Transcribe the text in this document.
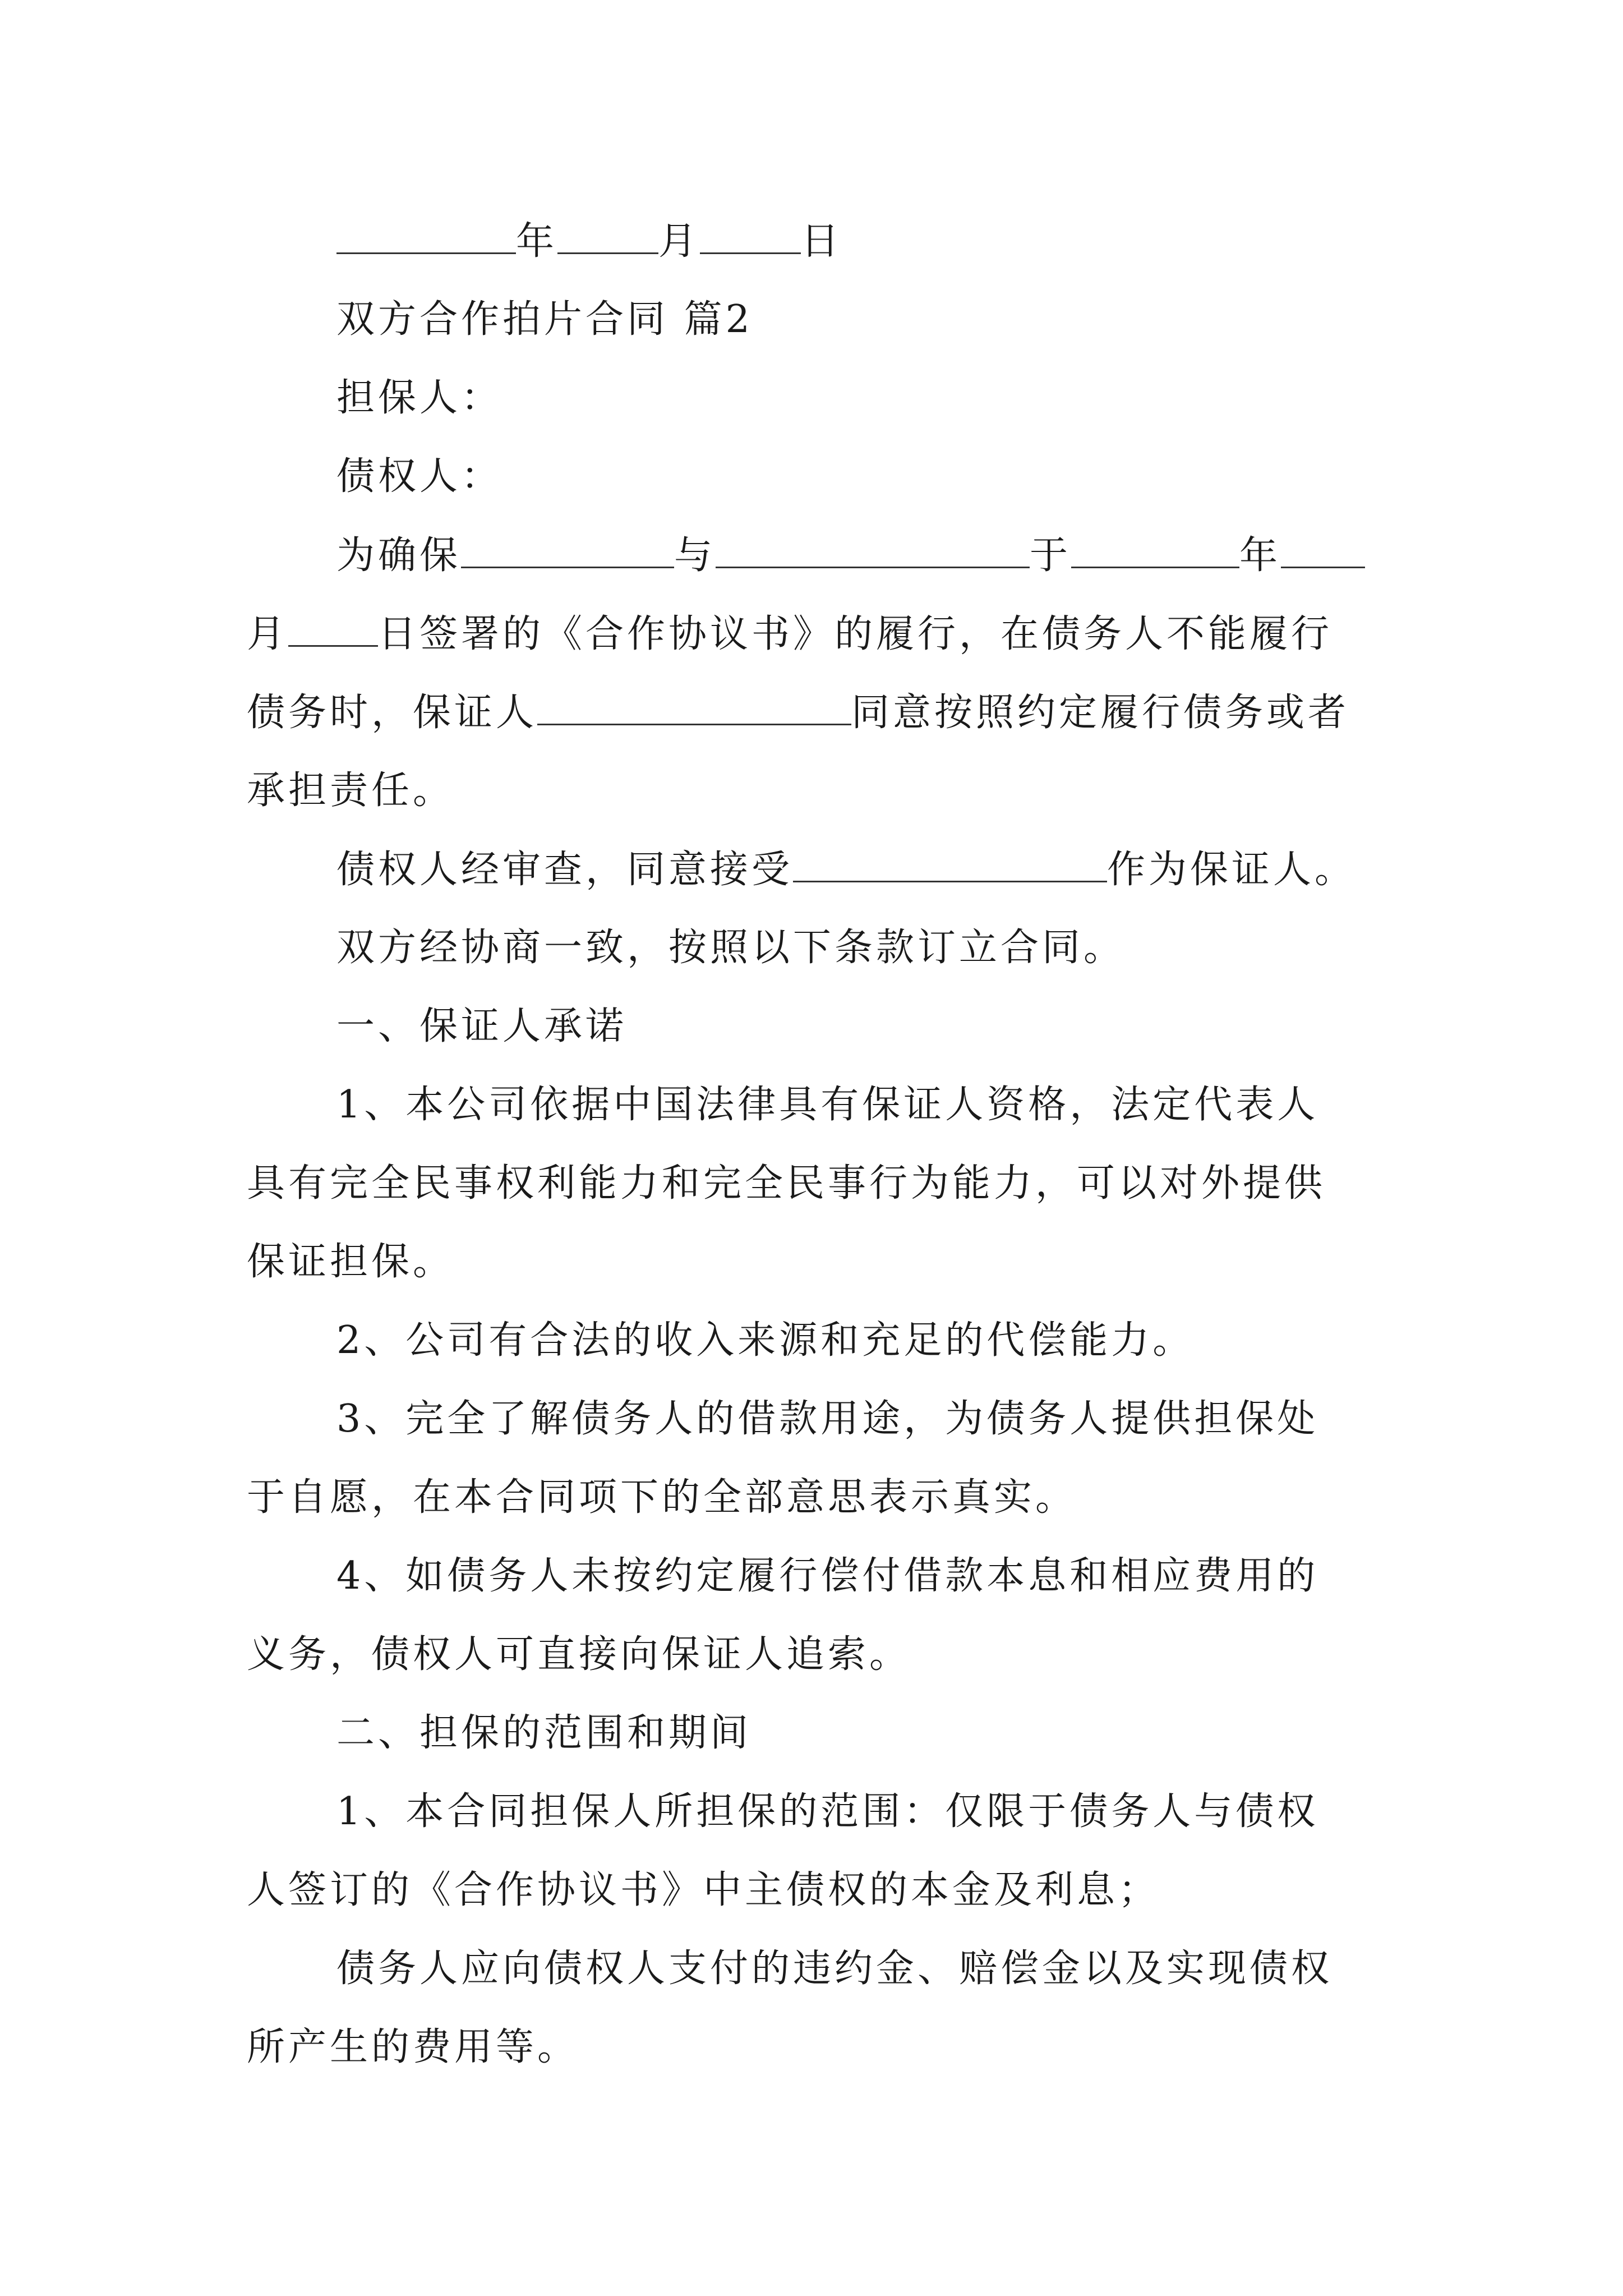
年	月	日
双方合作拍片合同 篇2
担保人：
债权人：
为确保	与	于	年
月 日签署的《合作协议书》的履行，在债务人不能履行
债务时，保证人	同意按照约定履行债务或者
承担责任。
债权人经审查，同意接受	作为保证人。
双方经协商一致，按照以下条款订立合同。
一、保证人承诺
1、本公司依据中国法律具有保证人资格，法定代表人
具有完全民事权利能力和完全民事行为能力，可以对外提供
保证担保。
2、公司有合法的收入来源和充足的代偿能力。
3、完全了解债务人的借款用途，为债务人提供担保处
于自愿，在本合同项下的全部意思表示真实。
4、如债务人未按约定履行偿付借款本息和相应费用的
义务，债权人可直接向保证人追索。
二、担保的范围和期间
1、本合同担保人所担保的范围：仅限于债务人与债权
人签订的《合作协议书》中主债权的本金及利息；
债务人应向债权人支付的违约金、赔偿金以及实现债权
所产生的费用等。
